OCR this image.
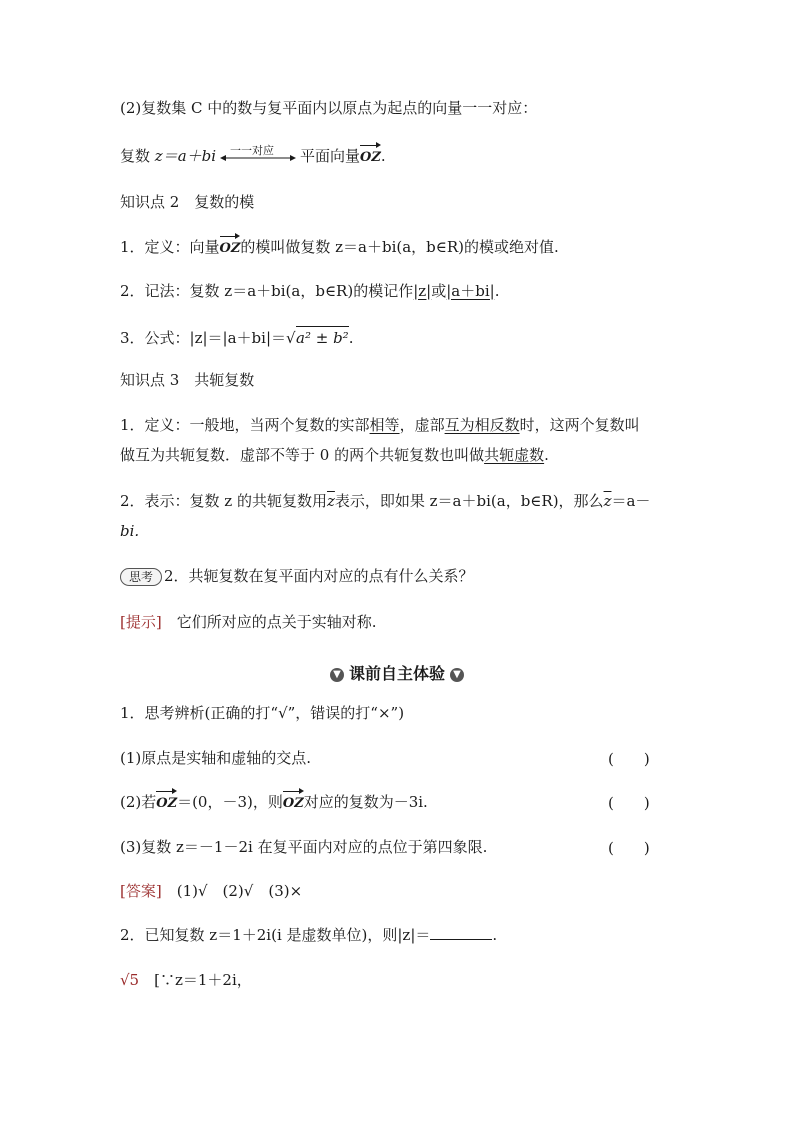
(2)复数集 C 中的数与复平面内以原点为起点的向量一一对应：
复数 z＝a＋bi 一一对应 平面向量OZ.
知识点 2　复数的模
1．定义：向量OZ的模叫做复数 z＝a＋bi(a，b∈R)的模或绝对值.
2．记法：复数 z＝a＋bi(a，b∈R)的模记作|z|或|a＋bi|.
3．公式：|z|＝|a＋bi|＝ √ a² ± b².
知识点 3　共轭复数
1．定义：一般地，当两个复数的实部相等，虚部互为相反数时，这两个复数叫
做互为共轭复数．虚部不等于 0 的两个共轭复数也叫做共轭虚数.
2．表示：复数 z 的共轭复数用$\overline{z}$表示，即如果 z＝a＋bi(a，b∈R)，那么$\overline{z}=a-$
bi.
思考 2．共轭复数在复平面内对应的点有什么关系？
[提示]　 它们所对应的点关于实轴对称.
▼ 课前自主体验 ▼
1．思考辨析(正确的打“√”，错误的打“×”)
(1)原点是实轴和虚轴的交点.	(　　)
(2)若OZ＝(0，－3)，则OZ对应的复数为－3i.	(　　)
(3)复数 z＝－1－2i 在复平面内对应的点位于第四象限.	(　　)
[答案]　 (1)√　(2)√　(3)×
2．已知复数 z＝1＋2i(i 是虚数单位)，则|z|＝	.
√5　 [∵z＝1＋2i，
